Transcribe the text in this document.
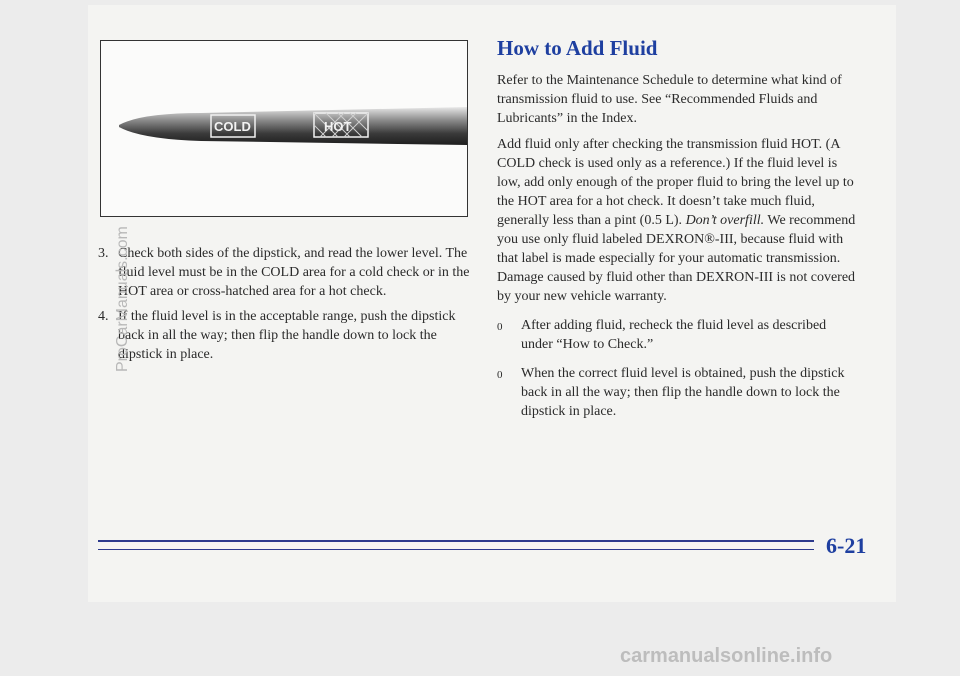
COLD	HOT

3. Check both sides of the dipstick, and read the lower level. The fluid level must be in the COLD area for a cold check or in the HOT area or cross-hatched area for a hot check.

4. If the fluid level is in the acceptable range, push the dipstick back in all the way; then flip the handle down to lock the dipstick in place.

How to Add Fluid

Refer to the Maintenance Schedule to determine what kind of transmission fluid to use. See “Recommended Fluids and Lubricants” in the Index.

Add fluid only after checking the transmission fluid HOT. (A COLD check is used only as a reference.) If the fluid level is low, add only enough of the proper fluid to bring the level up to the HOT area for a hot check. It doesn’t take much fluid, generally less than a pint (0.5 L). Don’t overfill. We recommend you use only fluid labeled DEXRON®-III, because fluid with that label is made especially for your automatic transmission. Damage caused by fluid other than DEXRON-III is not covered by your new vehicle warranty.

0	After adding fluid, recheck the fluid level as described under “How to Check.”
0	When the correct fluid level is obtained, push the dipstick back in all the way; then flip the handle down to lock the dipstick in place.
6-21
ProCarManuals.com
carmanualsonline.info
